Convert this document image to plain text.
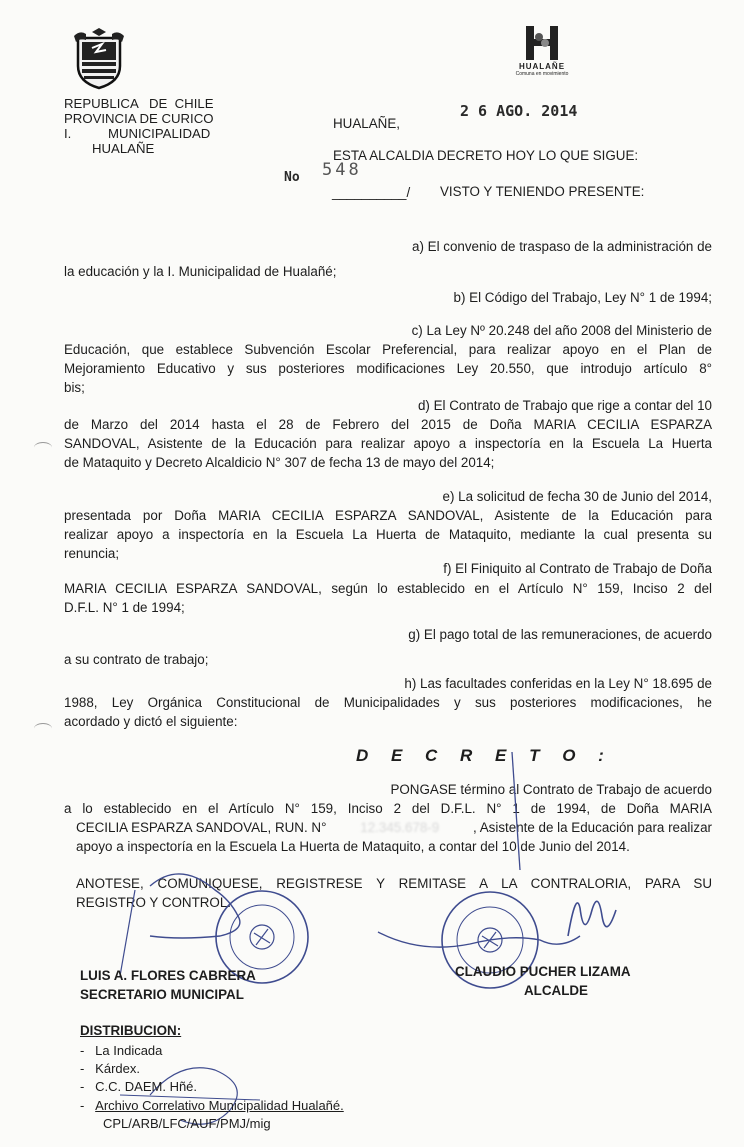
HUALAÑE
Comuna en movimiento
REPUBLICA   DE  CHILE
PROVINCIA DE CURICO
I.          MUNICIPALIDAD
HUALAÑE
HUALAÑE,
2 6 AGO. 2014
ESTA ALCALDIA DECRETO HOY LO QUE SIGUE:
No 548
__________/ VISTO Y TENIENDO PRESENTE:
a) El convenio de traspaso de la administración de
la educación y la I. Municipalidad de Hualañé;
b) El Código del Trabajo, Ley N° 1 de 1994;
c) La Ley Nº 20.248 del año 2008 del Ministerio de
Educación, que establece Subvención Escolar Preferencial, para realizar apoyo en el Plan de
Mejoramiento Educativo y sus posteriores modificaciones Ley 20.550, que introdujo artículo 8°
bis;
d) El Contrato de Trabajo que rige a contar del 10
de Marzo del 2014 hasta el 28 de Febrero del 2015 de Doña MARIA CECILIA ESPARZA
SANDOVAL, Asistente de la Educación para realizar apoyo a inspectoría en la Escuela La Huerta
de Mataquito y Decreto Alcaldicio N° 307 de fecha 13 de mayo del 2014;
e) La solicitud de fecha 30 de Junio del 2014,
presentada por Doña MARIA CECILIA ESPARZA SANDOVAL, Asistente de la Educación para
realizar apoyo a inspectoría en la Escuela La Huerta de Mataquito, mediante la cual presenta su
renuncia;
f) El Finiquito al Contrato de Trabajo de Doña
MARIA CECILIA ESPARZA SANDOVAL, según lo establecido en el Artículo N° 159, Inciso 2 del
D.F.L. N° 1 de 1994;
g) El pago total de las remuneraciones, de acuerdo
a su contrato de trabajo;
h) Las facultades conferidas en la Ley N° 18.695 de
1988, Ley Orgánica Constitucional de Municipalidades y sus posteriores modificaciones, he
acordado y dictó el siguiente:
D E C R E T O :
PONGASE término al Contrato de Trabajo de acuerdo
a lo establecido en el Artículo N° 159, Inciso 2 del D.F.L. N° 1 de 1994, de Doña MARIA
CECILIA ESPARZA SANDOVAL, RUN. N°	12.345.678-9	, Asistente de la Educación para realizar
apoyo a inspectoría en la Escuela La Huerta de Mataquito, a contar del 10 de Junio del 2014.
ANOTESE, COMUNIQUESE, REGISTRESE Y REMITASE A LA CONTRALORIA, PARA SU
REGISTRO Y CONTROL.
LUIS A. FLORES CABRERA
SECRETARIO MUNICIPAL
CLAUDIO PUCHER LIZAMA
ALCALDE
DISTRIBUCION:
-   La Indicada
-   Kárdex.
-   C.C. DAEM. Hñé.
-   Archivo Correlativo Municipalidad Hualañé.
CPL/ARB/LFC/AUF/PMJ/mig
